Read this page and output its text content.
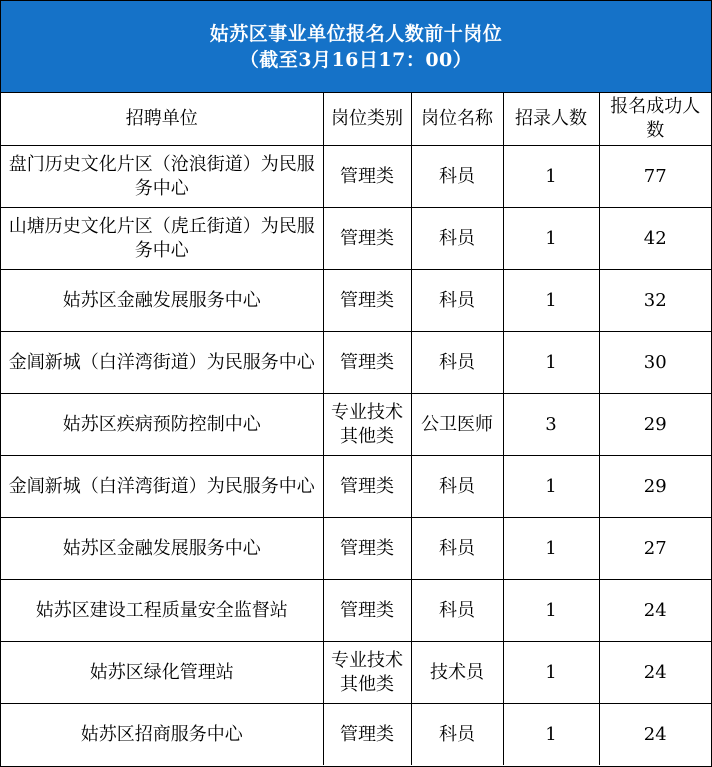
姑苏区事业单位报名人数前十岗位
（截至3月16日17：00）
招聘单位	岗位类别	岗位名称	招录人数	报名成功人数
盘门历史文化片区（沧浪街道）为民服务中心	管理类	科员	1	77
山塘历史文化片区（虎丘街道）为民服务中心	管理类	科员	1	42
姑苏区金融发展服务中心	管理类	科员	1	32
金阊新城（白洋湾街道）为民服务中心	管理类	科员	1	30
姑苏区疾病预防控制中心	专业技术其他类	公卫医师	3	29
金阊新城（白洋湾街道）为民服务中心	管理类	科员	1	29
姑苏区金融发展服务中心	管理类	科员	1	27
姑苏区建设工程质量安全监督站	管理类	科员	1	24
姑苏区绿化管理站	专业技术其他类	技术员	1	24
姑苏区招商服务中心	管理类	科员	1	24
